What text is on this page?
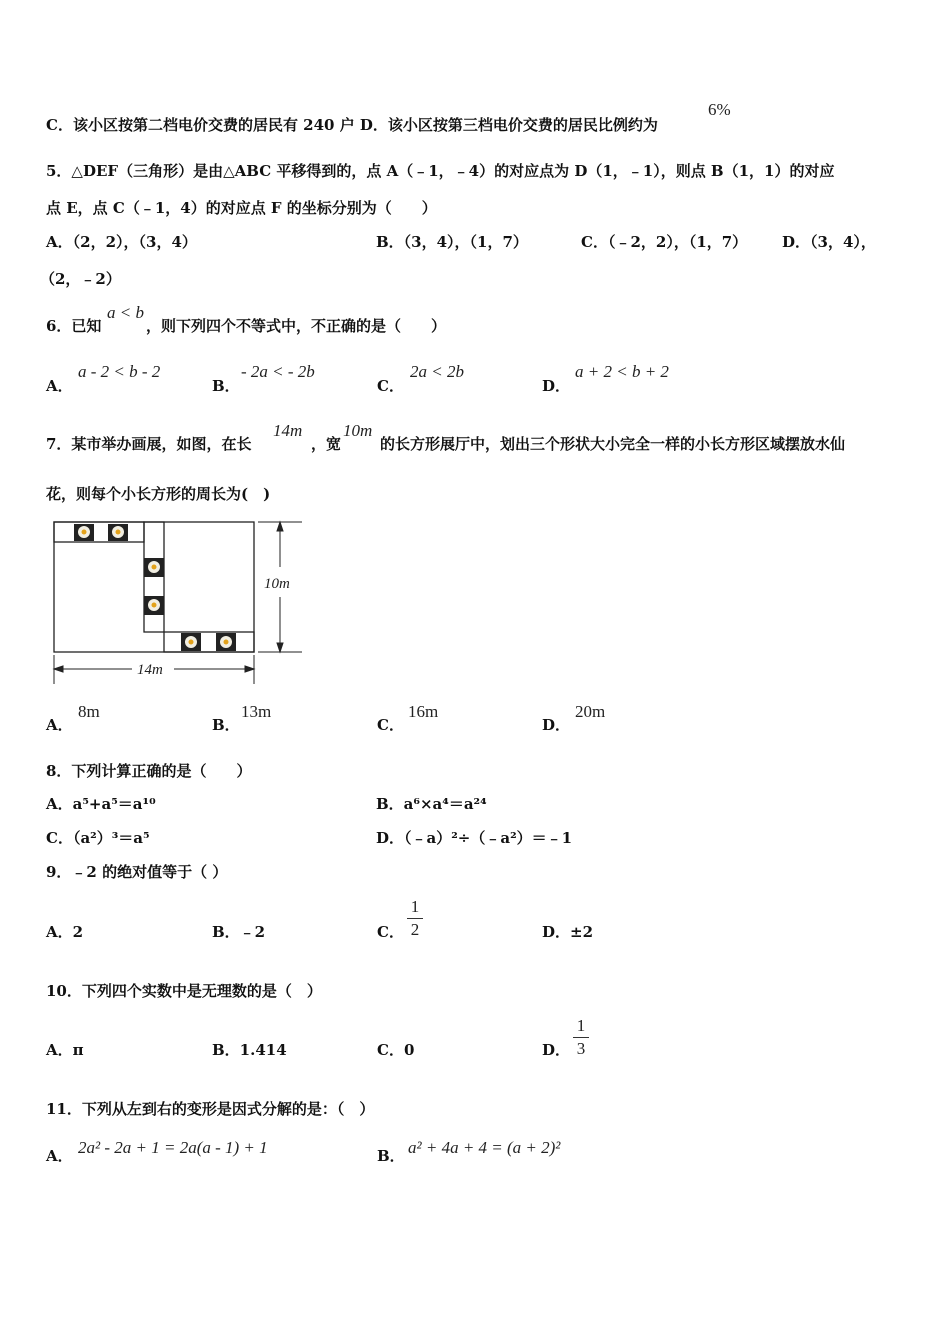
C．该小区按第二档电价交费的居民有 240 户 D．该小区按第三档电价交费的居民比例约为
6%
5．△DEF（三角形）是由△ABC 平移得到的，点 A（﹣1，﹣4）的对应点为 D（1，﹣1），则点 B（1，1）的对应
点 E，点 C（﹣1，4）的对应点 F 的坐标分别为（　　）
A．（2，2），（3，4）	B．（3，4），（1，7）	C．（﹣2，2），（1，7） D．（3，4），
（2，﹣2）
6．已知
a < b
，则下列四个不等式中，不正确的是（　　）
A．
a - 2 < b - 2
B．
- 2a < - 2b
C．
2a < 2b
D．
a + 2 < b + 2
7．某市举办画展，如图，在长
14m
，宽
10m
的长方形展厅中，划出三个形状大小完全一样的小长方形区域摆放水仙
花，则每个小长方形的周长为(　)
10m
14m
A．
8m
B．
13m
C．
16m
D．
20m
8．下列计算正确的是（　　）
A．a⁵+a⁵＝a¹⁰	B．a⁶×a⁴＝a²⁴
C．（a²）³＝a⁵	D．（﹣a）²÷（﹣a²）＝﹣1
9．﹣2 的绝对值等于（ ）
A．2	B．﹣2	C．
1
2	D．±2
10．下列四个实数中是无理数的是（　）
A．π	B．1.414	C．0	D．
1
3
11．下列从左到右的变形是因式分解的是：（　）
A． 2a² - 2a + 1 = 2a(a - 1) + 1	B． a² + 4a + 4 = (a + 2)²
